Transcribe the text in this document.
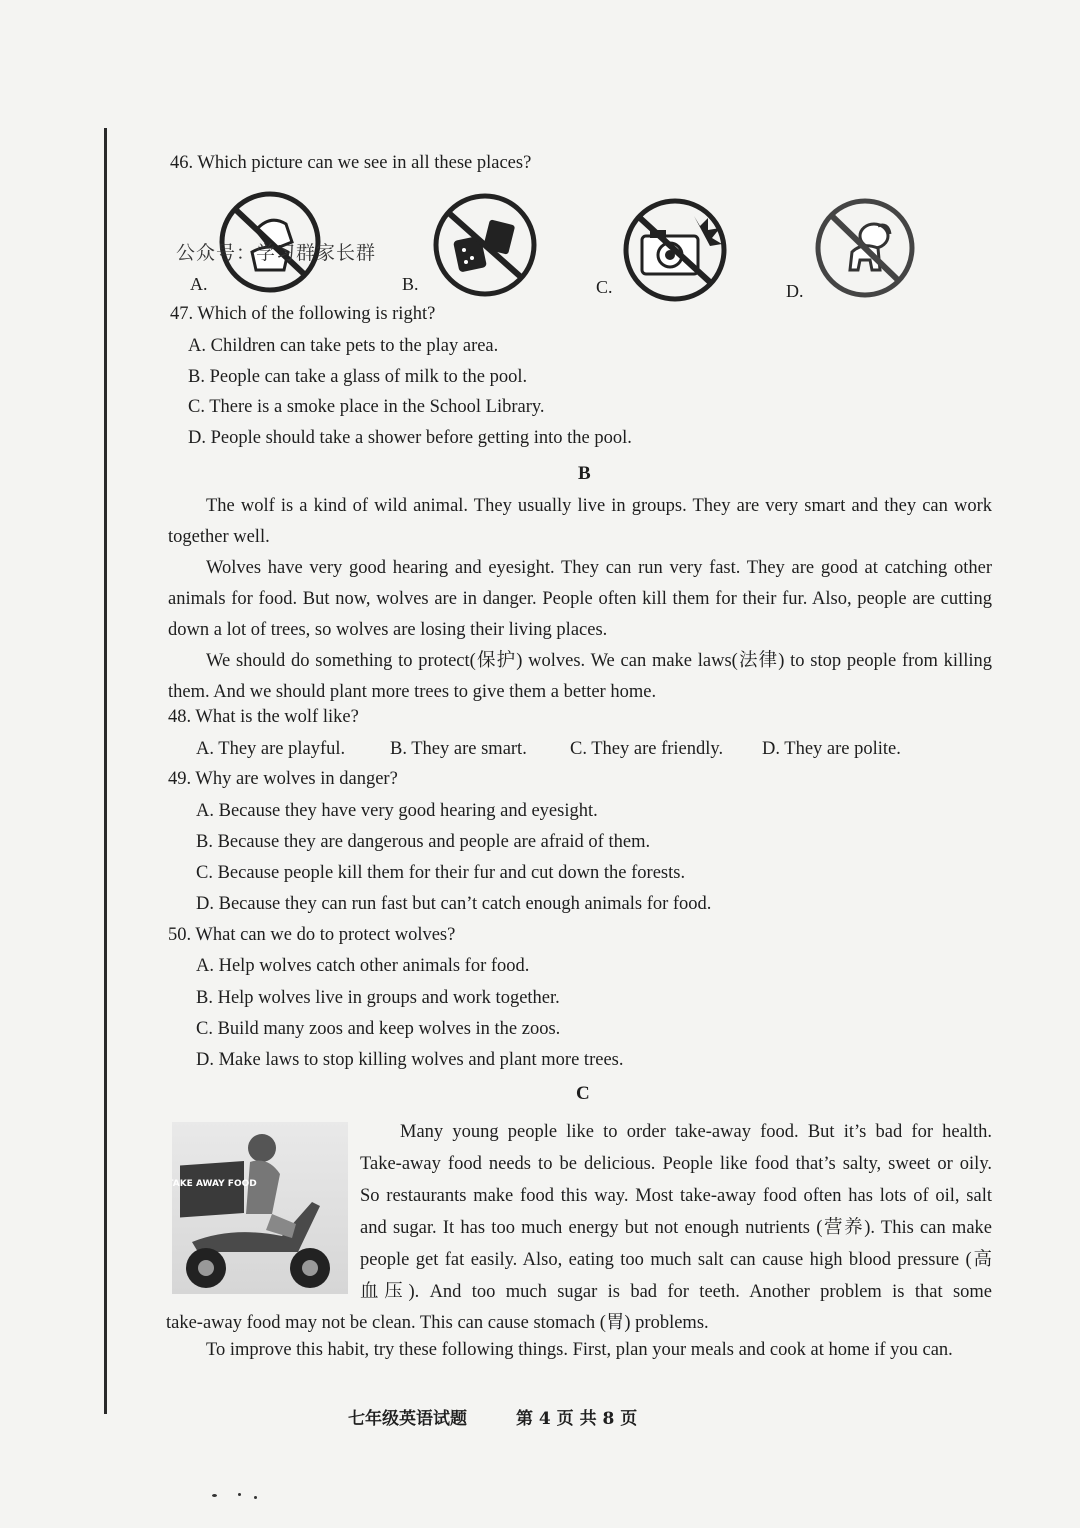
46. Which picture can we see in all these places?
A.	B.	C.	D.
公众号：学习群家长群
47. Which of the following is right?
A. Children can take pets to the play area.
B. People can take a glass of milk to the pool.
C. There is a smoke place in the School Library.
D. People should take a shower before getting into the pool.
B
The wolf is a kind of wild animal. They usually live in groups. They are very smart and they can work together well.
Wolves have very good hearing and eyesight. They can run very fast. They are good at catching other animals for food. But now, wolves are in danger. People often kill them for their fur. Also, people are cutting down a lot of trees, so wolves are losing their living places.
We should do something to protect(保护) wolves. We can make laws(法律) to stop people from killing them. And we should plant more trees to give them a better home.
48. What is the wolf like?
A. They are playful. B. They are smart. C. They are friendly. D. They are polite.
49. Why are wolves in danger?
A. Because they have very good hearing and eyesight.
B. Because they are dangerous and people are afraid of them.
C. Because people kill them for their fur and cut down the forests.
D. Because they can run fast but can’t catch enough animals for food.
50. What can we do to protect wolves?
A. Help wolves catch other animals for food.
B. Help wolves live in groups and work together.
C. Build many zoos and keep wolves in the zoos.
D. Make laws to stop killing wolves and plant more trees.
C
TAKE AWAY FOOD
Many young people like to order take-away food. But it’s bad for health.
Take-away food needs to be delicious. People like food that’s salty, sweet or oily.
So restaurants make food this way. Most take-away food often has lots of oil, salt
and sugar. It has too much energy but not enough nutrients (营养). This can make
people get fat easily. Also, eating too much salt can cause high blood pressure (高
血压). And too much sugar is bad for teeth. Another problem is that some
take-away food may not be clean. This can cause stomach (胃) problems.
To improve this habit, try these following things. First, plan your meals and cook at home if you can.
七年级英语试题	第 4 页 共 8 页
